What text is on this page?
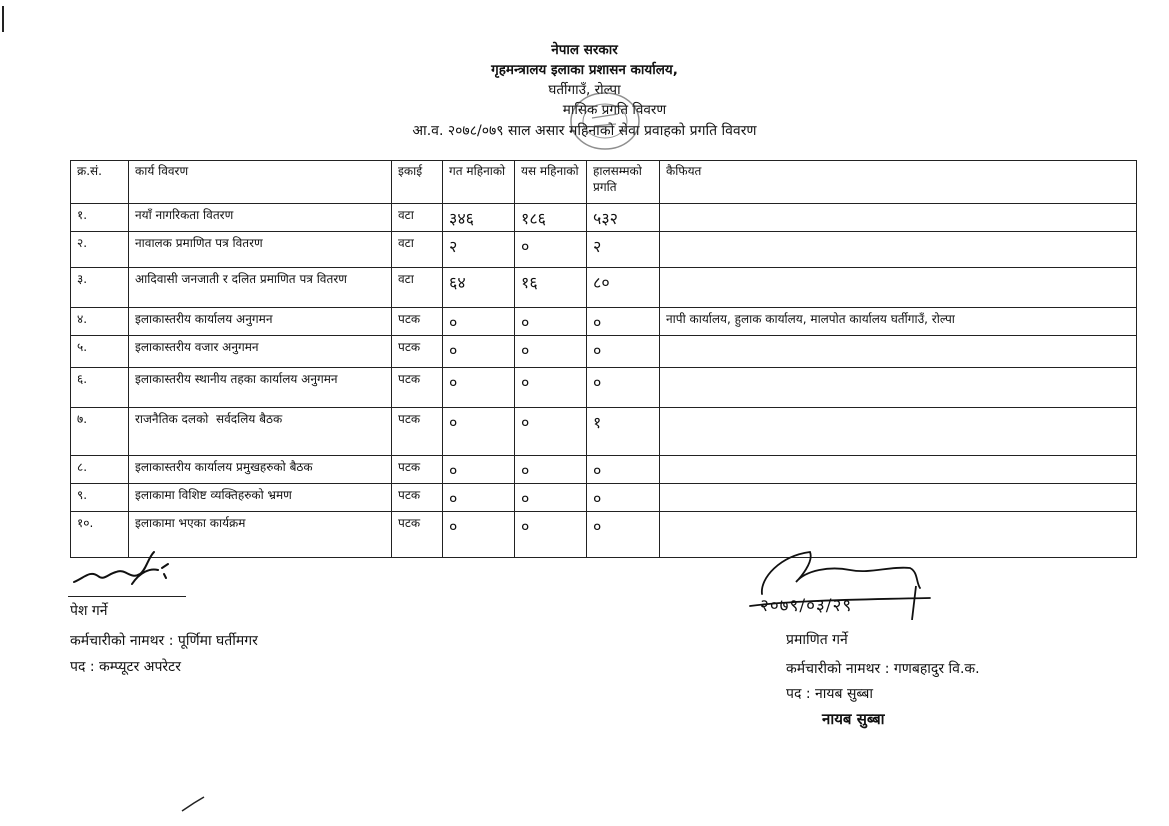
नेपाल सरकार
गृहमन्त्रालय इलाका प्रशासन कार्यालय,
घर्तीगाउँ, रोल्पा
मासिक प्रगति विवरण
आ.व. २०७८/०७९ साल असार महिनाको सेवा प्रवाहको प्रगति विवरण
क्र.सं.	कार्य विवरण	इकाई	गत महिनाको	यस महिनाको	हालसम्मको प्रगति	कैफियत
१.	नयाँ नागरिकता वितरण	वटा	३४६	१८६	५३२	
२.	नावालक प्रमाणित पत्र वितरण	वटा	२	०	२	
३.	आदिवासी जनजाती र दलित प्रमाणित पत्र वितरण	वटा	६४	१६	८०	
४.	इलाकास्तरीय कार्यालय अनुगमन	पटक	०	०	०	नापी कार्यालय, हुलाक कार्यालय, मालपोत कार्यालय घर्तीगाउँ, रोल्पा
५.	इलाकास्तरीय वजार अनुगमन	पटक	०	०	०	
६.	इलाकास्तरीय स्थानीय तहका कार्यालय अनुगमन	पटक	०	०	०	
७.	राजनैतिक दलको  सर्वदलिय बैठक	पटक	०	०	१	
८.	इलाकास्तरीय कार्यालय प्रमुखहरुको बैठक	पटक	०	०	०	
९.	इलाकामा विशिष्ट व्यक्तिहरुको भ्रमण	पटक	०	०	०	
१०.	इलाकामा भएका कार्यक्रम	पटक	०	०	०	
पेश गर्ने
कर्मचारीको नामथर : पूर्णिमा घर्तीमगर
पद : कम्प्यूटर अपरेटर
२०७९/०३/२९
प्रमाणित गर्ने
कर्मचारीको नामथर : गणबहादुर वि.क.
पद : नायब सुब्बा
नायब सुब्बा
